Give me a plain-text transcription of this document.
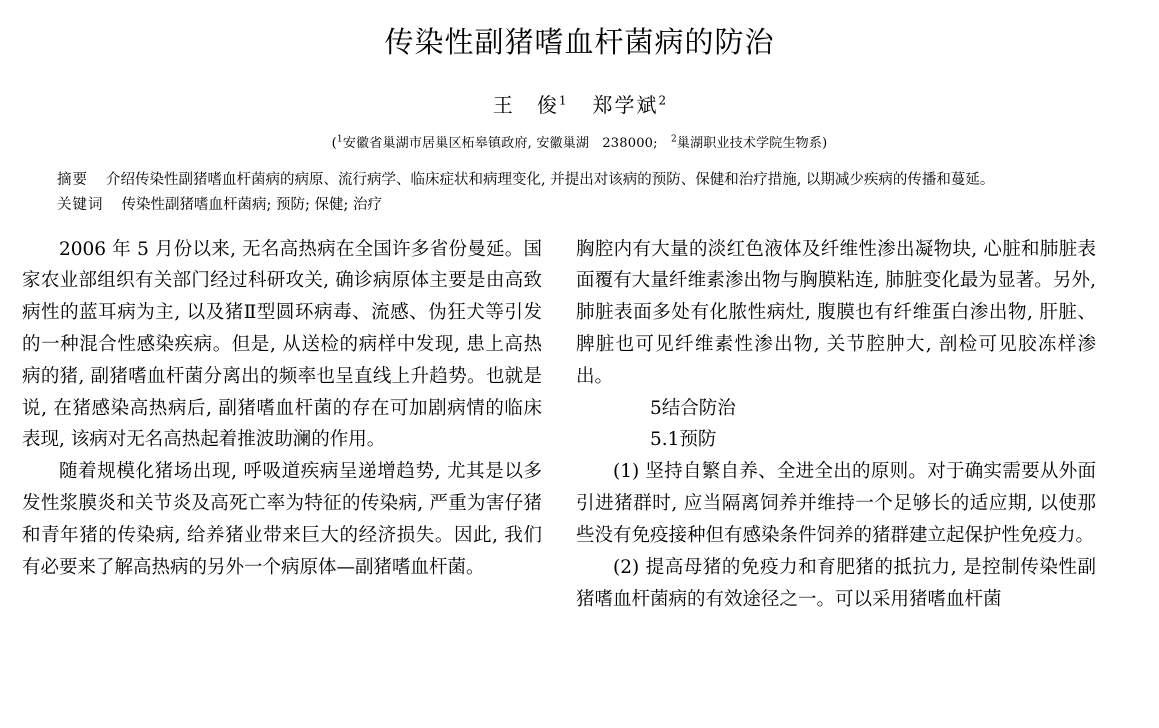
传染性副猪嗜血杆菌病的防治
王　俊$^1$ 郑学斌$^2$
($^1$安徽省巢湖市居巢区柘皋镇政府, 安徽巢湖　238000;　$^2$巢湖职业技术学院生物系)
摘要 介绍传染性副猪嗜血杆菌病的病原、流行病学、临床症状和病理变化, 并提出对该病的预防、保健和治疗措施, 以期减少疾病的传播和蔓延。
关键词 传染性副猪嗜血杆菌病; 预防; 保健; 治疗

2006 年 5 月份以来, 无名高热病在全国许多省份曼延。国家农业部组织有关部门经过科研攻关, 确诊病原体主要是由高致病性的蓝耳病为主, 以及猪Ⅱ型圆环病毒、流感、伪狂犬等引发的一种混合性感染疾病。但是, 从送检的病样中发现, 患上高热病的猪, 副猪嗜血杆菌分离出的频率也呈直线上升趋势。也就是说, 在猪感染高热病后, 副猪嗜血杆菌的存在可加剧病情的临床表现, 该病对无名高热起着推波助澜的作用。

随着规模化猪场出现, 呼吸道疾病呈递增趋势, 尤其是以多发性浆膜炎和关节炎及高死亡率为特征的传染病, 严重为害仔猪和青年猪的传染病, 给养猪业带来巨大的经济损失。因此, 我们有必要来了解高热病的另外一个病原体—副猪嗜血杆菌。

胸腔内有大量的淡红色液体及纤维性渗出凝物块, 心脏和肺脏表面覆有大量纤维素渗出物与胸膜粘连, 肺脏变化最为显著。另外, 肺脏表面多处有化脓性病灶, 腹膜也有纤维蛋白渗出物, 肝脏、脾脏也可见纤维素性渗出物, 关节腔肿大, 剖检可见胶冻样渗出。

5结合防治

5.1预防

(1) 坚持自繁自养、全进全出的原则。对于确实需要从外面引进猪群时, 应当隔离饲养并维持一个足够长的适应期, 以使那些没有免疫接种但有感染条件饲养的猪群建立起保护性免疫力。

(2) 提高母猪的免疫力和育肥猪的抵抗力, 是控制传染性副猪嗜血杆菌病的有效途径之一。可以采用猪嗜血杆菌
